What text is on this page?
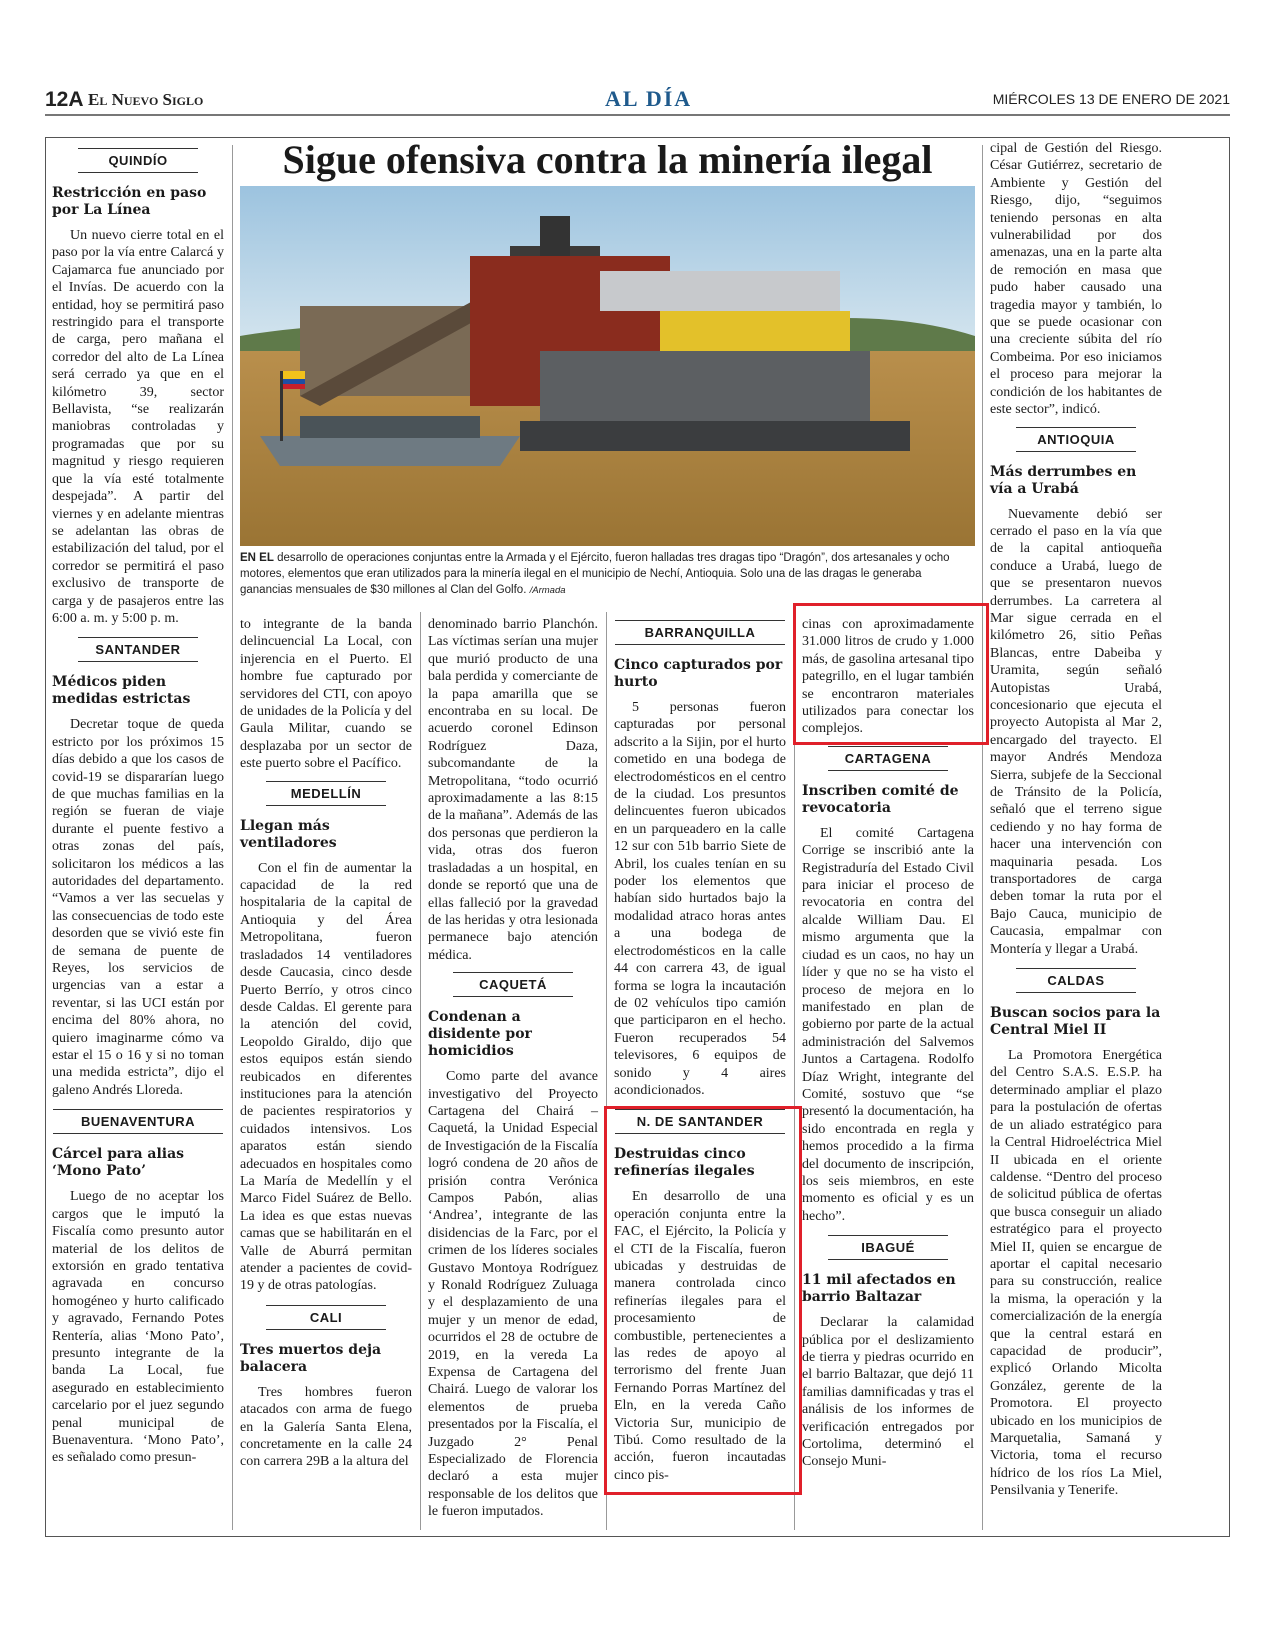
12A El Nuevo Siglo	AL DÍA	MIÉRCOLES 13 DE ENERO DE 2021
QUINDÍO
Restricción en paso por La Línea

Un nuevo cierre total en el paso por la vía entre Calarcá y Cajamarca fue anunciado por el Invías. De acuerdo con la entidad, hoy se permitirá paso restringido para el transporte de carga, pero mañana el corredor del alto de La Línea será cerrado ya que en el kilómetro 39, sector Bellavista, “se realizarán maniobras controladas y programadas que por su magnitud y riesgo requieren que la vía esté totalmente despejada”. A partir del viernes y en adelante mientras se adelantan las obras de estabilización del talud, por el corredor se permitirá el paso exclusivo de transporte de carga y de pasajeros entre las 6:00 a. m. y 5:00 p. m.

SANTANDER
Médicos piden medidas estrictas

Decretar toque de queda estricto por los próximos 15 días debido a que los casos de covid-19 se dispararían luego de que muchas familias en la región se fueran de viaje durante el puente festivo a otras zonas del país, solicitaron los médicos a las autoridades del departamento. “Vamos a ver las secuelas y las consecuencias de todo este desorden que se vivió este fin de semana de puente de Reyes, los servicios de urgencias van a estar a reventar, si las UCI están por encima del 80% ahora, no quiero imaginarme cómo va estar el 15 o 16 y si no toman una medida estricta”, dijo el galeno Andrés Lloreda.

BUENAVENTURA
Cárcel para alias ‘Mono Pato’

Luego de no aceptar los cargos que le imputó la Fiscalía como presunto autor material de los delitos de extorsión en grado tentativa agravada en concurso homogéneo y hurto calificado y agravado, Fernando Potes Rentería, alias ‘Mono Pato’, presunto integrante de la banda La Local, fue asegurado en establecimiento carcelario por el juez segundo penal municipal de Buenaventura. ‘Mono Pato’, es señalado como presun-

Sigue ofensiva contra la minería ilegal
EN EL desarrollo de operaciones conjuntas entre la Armada y el Ejército, fueron halladas tres dragas tipo “Dragón”, dos artesanales y ocho motores, elementos que eran utilizados para la minería ilegal en el municipio de Nechí, Antioquia. Solo una de las dragas le generaba ganancias mensuales de $30 millones al Clan del Golfo. /Armada

to integrante de la banda delincuencial La Local, con injerencia en el Puerto. El hombre fue capturado por servidores del CTI, con apoyo de unidades de la Policía y del Gaula Militar, cuando se desplazaba por un sector de este puerto sobre el Pacífico.

MEDELLÍN
Llegan más ventiladores

Con el fin de aumentar la capacidad de la red hospitalaria de la capital de Antioquia y del Área Metropolitana, fueron trasladados 14 ventiladores desde Caucasia, cinco desde Puerto Berrío, y otros cinco desde Caldas. El gerente para la atención del covid, Leopoldo Giraldo, dijo que estos equipos están siendo reubicados en diferentes instituciones para la atención de pacientes respiratorios y cuidados intensivos. Los aparatos están siendo adecuados en hospitales como La María de Medellín y el Marco Fidel Suárez de Bello. La idea es que estas nuevas camas que se habilitarán en el Valle de Aburrá permitan atender a pacientes de covid-19 y de otras patologías.

CALI
Tres muertos deja balacera

Tres hombres fueron atacados con arma de fuego en la Galería Santa Elena, concretamente en la calle 24 con carrera 29B a la altura del

denominado barrio Planchón. Las víctimas serían una mujer que murió producto de una bala perdida y comerciante de la papa amarilla que se encontraba en su local. De acuerdo coronel Edinson Rodríguez Daza, subcomandante de la Metropolitana, “todo ocurrió aproximadamente a las 8:15 de la mañana”. Además de las dos personas que perdieron la vida, otras dos fueron trasladadas a un hospital, en donde se reportó que una de ellas falleció por la gravedad de las heridas y otra lesionada permanece bajo atención médica.

CAQUETÁ
Condenan a disidente por homicidios

Como parte del avance investigativo del Proyecto Cartagena del Chairá – Caquetá, la Unidad Especial de Investigación de la Fiscalía logró condena de 20 años de prisión contra Verónica Campos Pabón, alias ‘Andrea’, integrante de las disidencias de la Farc, por el crimen de los líderes sociales Gustavo Montoya Rodríguez y Ronald Rodríguez Zuluaga y el desplazamiento de una mujer y un menor de edad, ocurridos el 28 de octubre de 2019, en la vereda La Expensa de Cartagena del Chairá. Luego de valorar los elementos de prueba presentados por la Fiscalía, el Juzgado 2° Penal Especializado de Florencia declaró a esta mujer responsable de los delitos que le fueron imputados.

BARRANQUILLA
Cinco capturados por hurto

5 personas fueron capturadas por personal adscrito a la Sijin, por el hurto cometido en una bodega de electrodomésticos en el centro de la ciudad. Los presuntos delincuentes fueron ubicados en un parqueadero en la calle 12 sur con 51b barrio Siete de Abril, los cuales tenían en su poder los elementos que habían sido hurtados bajo la modalidad atraco horas antes a una bodega de electrodomésticos en la calle 44 con carrera 43, de igual forma se logra la incautación de 02 vehículos tipo camión que participaron en el hecho. Fueron recuperados 54 televisores, 6 equipos de sonido y 4 aires acondicionados.

N. DE SANTANDER
Destruidas cinco refinerías ilegales

En desarrollo de una operación conjunta entre la FAC, el Ejército, la Policía y el CTI de la Fiscalía, fueron ubicadas y destruidas de manera controlada cinco refinerías ilegales para el procesamiento de combustible, pertenecientes a las redes de apoyo al terrorismo del frente Juan Fernando Porras Martínez del Eln, en la vereda Caño Victoria Sur, municipio de Tibú. Como resultado de la acción, fueron incautadas cinco pis-

cinas con aproximadamente 31.000 litros de crudo y 1.000 más, de gasolina artesanal tipo pategrillo, en el lugar también se encontraron materiales utilizados para conectar los complejos.

CARTAGENA
Inscriben comité de revocatoria

El comité Cartagena Corrige se inscribió ante la Registraduría del Estado Civil para iniciar el proceso de revocatoria en contra del alcalde William Dau. El mismo argumenta que la ciudad es un caos, no hay un líder y que no se ha visto el proceso de mejora en lo manifestado en plan de gobierno por parte de la actual administración del Salvemos Juntos a Cartagena. Rodolfo Díaz Wright, integrante del Comité, sostuvo que “se presentó la documentación, ha sido encontrada en regla y hemos procedido a la firma del documento de inscripción, los seis miembros, en este momento es oficial y es un hecho”.

IBAGUÉ
11 mil afectados en barrio Baltazar

Declarar la calamidad pública por el deslizamiento de tierra y piedras ocurrido en el barrio Baltazar, que dejó 11 familias damnificadas y tras el análisis de los informes de verificación entregados por Cortolima, determinó el Consejo Muni-

cipal de Gestión del Riesgo. César Gutiérrez, secretario de Ambiente y Gestión del Riesgo, dijo, “seguimos teniendo personas en alta vulnerabilidad por dos amenazas, una en la parte alta de remoción en masa que pudo haber causado una tragedia mayor y también, lo que se puede ocasionar con una creciente súbita del río Combeima. Por eso iniciamos el proceso para mejorar la condición de los habitantes de este sector”, indicó.

ANTIOQUIA
Más derrumbes en vía a Urabá

Nuevamente debió ser cerrado el paso en la vía que de la capital antioqueña conduce a Urabá, luego de que se presentaron nuevos derrumbes. La carretera al Mar sigue cerrada en el kilómetro 26, sitio Peñas Blancas, entre Dabeiba y Uramita, según señaló Autopistas Urabá, concesionario que ejecuta el proyecto Autopista al Mar 2, encargado del trayecto. El mayor Andrés Mendoza Sierra, subjefe de la Seccional de Tránsito de la Policía, señaló que el terreno sigue cediendo y no hay forma de hacer una intervención con maquinaria pesada. Los transportadores de carga deben tomar la ruta por el Bajo Cauca, municipio de Caucasia, empalmar con Montería y llegar a Urabá.

CALDAS
Buscan socios para la Central Miel II

La Promotora Energética del Centro S.A.S. E.S.P. ha determinado ampliar el plazo para la postulación de ofertas de un aliado estratégico para la Central Hidroeléctrica Miel II ubicada en el oriente caldense. “Dentro del proceso de solicitud pública de ofertas que busca conseguir un aliado estratégico para el proyecto Miel II, quien se encargue de aportar el capital necesario para su construcción, realice la misma, la operación y la comercialización de la energía que la central estará en capacidad de producir”, explicó Orlando Micolta González, gerente de la Promotora. El proyecto ubicado en los municipios de Marquetalia, Samaná y Victoria, toma el recurso hídrico de los ríos La Miel, Pensilvania y Tenerife.
